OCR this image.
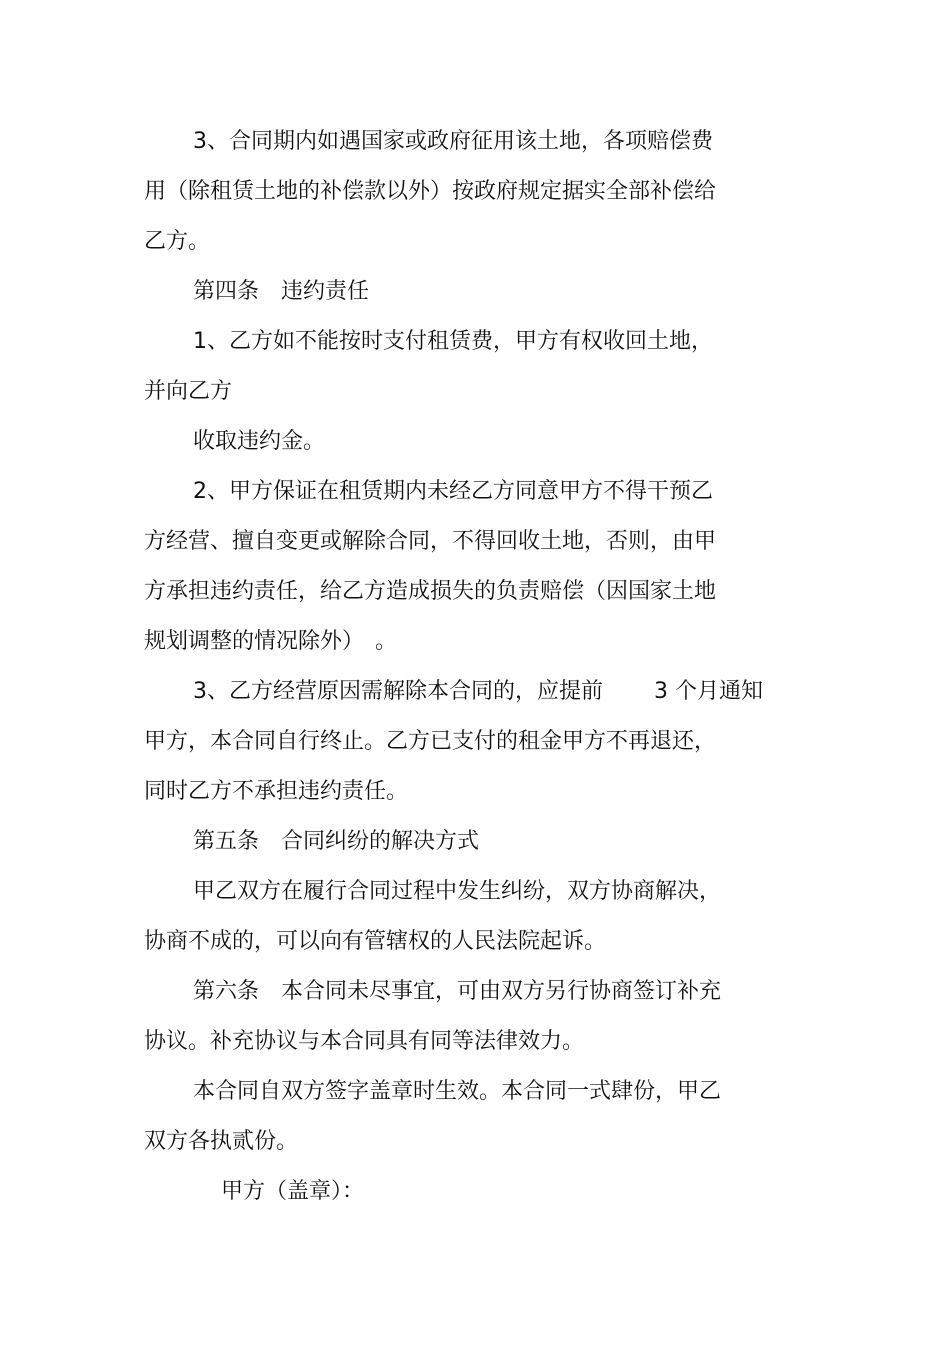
3、合同期内如遇国家或政府征用该土地，各项赔偿费
用（除租赁土地的补偿款以外）按政府规定据实全部补偿给
乙方。
第四条　违约责任
1、乙方如不能按时支付租赁费，甲方有权收回土地，
并向乙方
收取违约金。
2、甲方保证在租赁期内未经乙方同意甲方不得干预乙
方经营、擅自变更或解除合同，不得回收土地，否则，由甲
方承担违约责任，给乙方造成损失的负责赔偿（因国家土地
规划调整的情况除外）　。
3、乙方经营原因需解除本合同的，应提前　　 3 个月通知
甲方，本合同自行终止。乙方已支付的租金甲方不再退还，
同时乙方不承担违约责任。
第五条　合同纠纷的解决方式
甲乙双方在履行合同过程中发生纠纷，双方协商解决，
协商不成的，可以向有管辖权的人民法院起诉。
第六条　本合同未尽事宜，可由双方另行协商签订补充
协议。补充协议与本合同具有同等法律效力。
本合同自双方签字盖章时生效。本合同一式肆份，甲乙
双方各执贰份。
甲方（盖章）：
